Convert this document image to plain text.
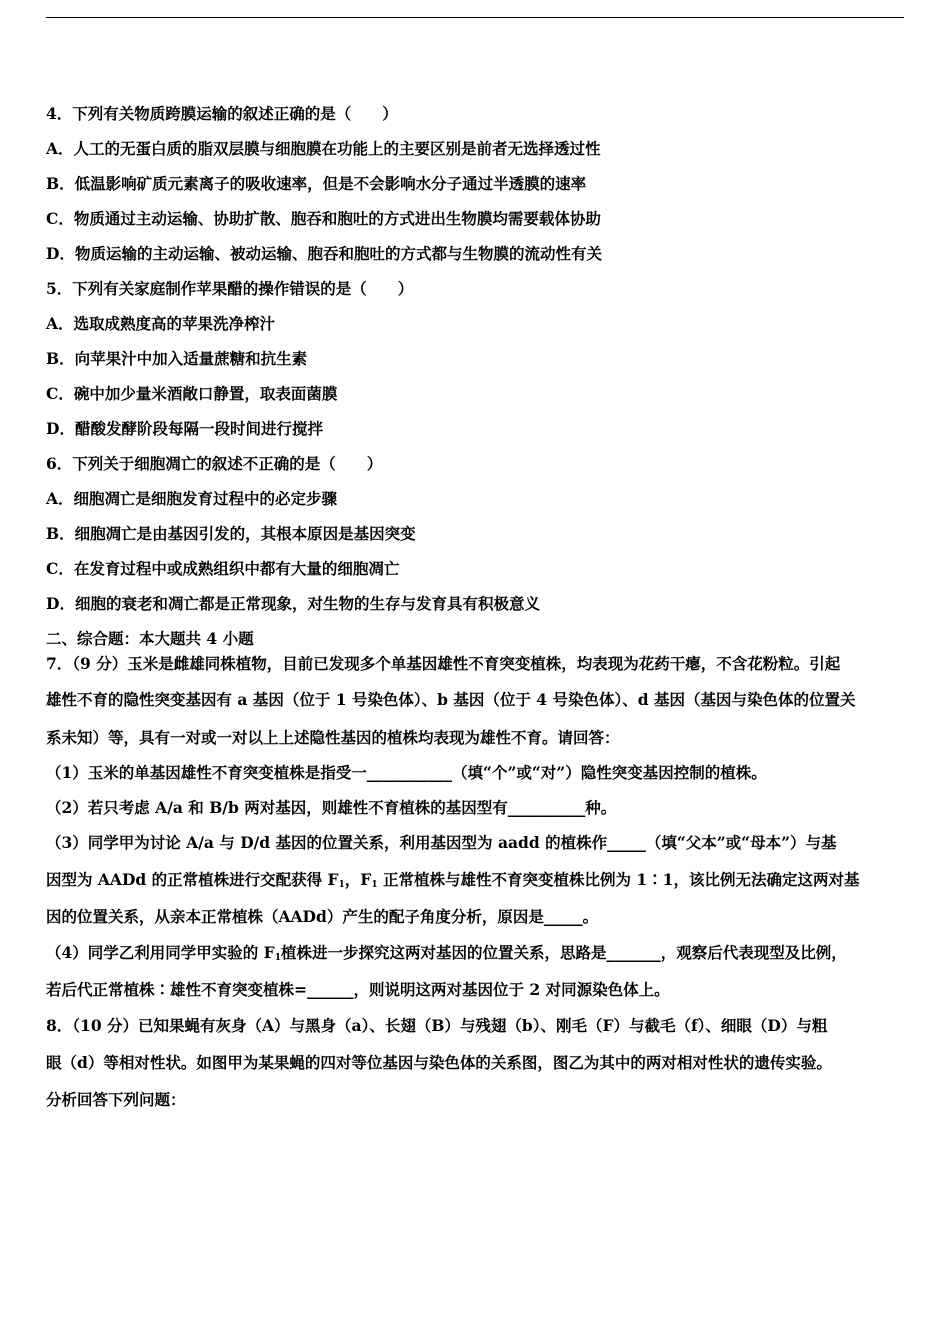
4．下列有关物质跨膜运输的叙述正确的是（　　）
A．人工的无蛋白质的脂双层膜与细胞膜在功能上的主要区别是前者无选择透过性
B．低温影响矿质元素离子的吸收速率，但是不会影响水分子通过半透膜的速率
C．物质通过主动运输、协助扩散、胞吞和胞吐的方式进出生物膜均需要载体协助
D．物质运输的主动运输、被动运输、胞吞和胞吐的方式都与生物膜的流动性有关
5．下列有关家庭制作苹果醋的操作错误的是（　　）
A．选取成熟度高的苹果洗净榨汁
B．向苹果汁中加入适量蔗糖和抗生素
C．碗中加少量米酒敞口静置，取表面菌膜
D．醋酸发酵阶段每隔一段时间进行搅拌
6．下列关于细胞凋亡的叙述不正确的是（　　）
A．细胞凋亡是细胞发育过程中的必定步骤
B．细胞凋亡是由基因引发的，其根本原因是基因突变
C．在发育过程中或成熟组织中都有大量的细胞凋亡
D．细胞的衰老和凋亡都是正常现象，对生物的生存与发育具有积极意义
二、综合题：本大题共 4 小题
7．（9 分）玉米是雌雄同株植物，目前已发现多个单基因雄性不育突变植株，均表现为花药干瘪，不含花粉粒。引起
雄性不育的隐性突变基因有 a 基因（位于 1 号染色体）、b 基因（位于 4 号染色体）、d 基因（基因与染色体的位置关
系未知）等，具有一对或一对以上上述隐性基因的植株均表现为雄性不育。请回答：
（1）玉米的单基因雄性不育突变植株是指受一___________（填“个”或“对”）隐性突变基因控制的植株。
（2）若只考虑 A/a 和 B/b 两对基因，则雄性不育植株的基因型有__________种。
（3）同学甲为讨论 A/a 与 D/d 基因的位置关系，利用基因型为 aadd 的植株作_____（填“父本”或“母本”）与基
因型为 AADd 的正常植株进行交配获得 $F_1$，$F_1$ 正常植株与雄性不育突变植株比例为 1∶1，该比例无法确定这两对基
因的位置关系，从亲本正常植株（AADd）产生的配子角度分析，原因是_____。
（4）同学乙利用同学甲实验的 $F_1$植株进一步探究这两对基因的位置关系，思路是_______，观察后代表现型及比例，
若后代正常植株∶雄性不育突变植株=______，则说明这两对基因位于 2 对同源染色体上。
8．（10 分）已知果蝇有灰身（A）与黑身（a）、长翅（B）与残翅（b）、刚毛（F）与截毛（f）、细眼（D）与粗
眼（d）等相对性状。如图甲为某果蝇的四对等位基因与染色体的关系图，图乙为其中的两对相对性状的遗传实验。
分析回答下列问题：
